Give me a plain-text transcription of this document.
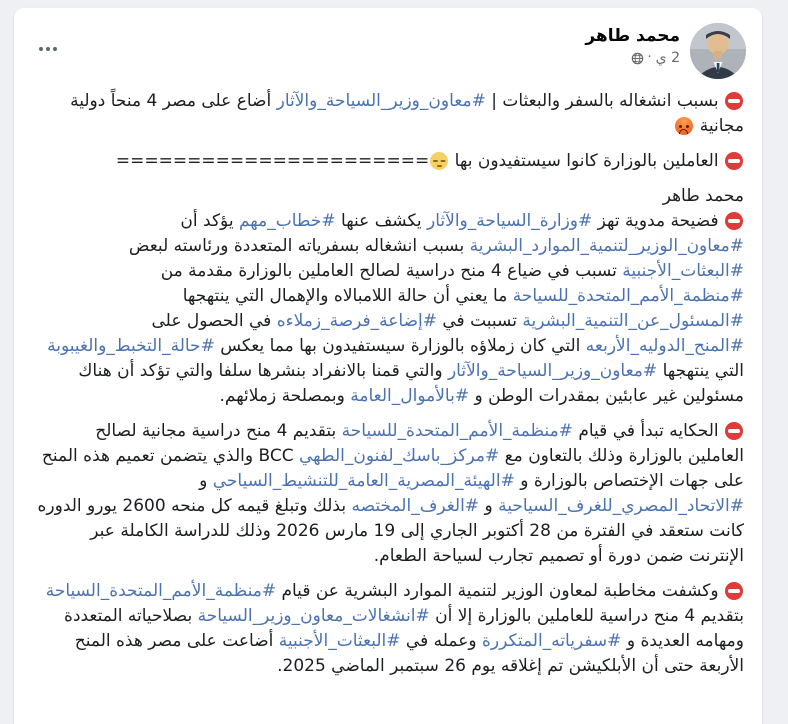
محمد طاهر
2 ي
·
بسبب انشغاله بالسفر والبعثات | #معاون_وزير_السياحة_والآثار أضاع على مصر 4 منحاً دولية مجانية
العاملين بالوزارة كانوا سيستفيدون بها ======================
محمد طاهر
فضيحة مدوية تهز #وزارة_السياحة_والآثار يكشف عنها #خطاب_مهم يؤكد أن #معاون_الوزير_لتنمية_الموارد_البشرية بسبب انشغاله بسفرياته المتعددة ورئاسته لبعض #البعثات_الأجنبية تسبب في ضياع 4 منح دراسية لصالح العاملين بالوزارة مقدمة من #منظمة_الأمم_المتحدة_للسياحة ما يعني أن حالة اللامبالاه والإهمال التي ينتهجها #المسئول_عن_التنمية_البشرية تسببت في #إضاعة_فرصة_زملاءه في الحصول على #المنح_الدوليه_الأربعه التي كان زملاؤه بالوزارة سيستفيدون بها مما يعكس #حالة_التخبط_والغيبوبة التي ينتهجها #معاون_وزير_السياحة_والآثار والتي قمنا بالانفراد بنشرها سلفا والتي تؤكد أن هناك مسئولين غير عابئين بمقدرات الوطن و #بالأموال_العامة وبمصلحة زملائهم.
الحكايه تبدأ في قيام #منظمة_الأمم_المتحدة_للسياحة بتقديم 4 منح دراسية مجانية لصالح العاملين بالوزارة وذلك بالتعاون مع #مركز_باسك_لفنون_الطهي BCC والذي يتضمن تعميم هذه المنح على جهات الإختصاص بالوزارة و #الهيئة_المصرية_العامة_للتنشيط_السياحي و #الاتحاد_المصري_للغرف_السياحية و #الغرف_المختصه بذلك وتبلغ قيمه كل منحه 2600 يورو الدوره كانت ستعقد في الفترة من 28 أكتوبر الجاري إلى 19 مارس 2026 وذلك للدراسة الكاملة عبر الإنترنت ضمن دورة أو تصميم تجارب لسياحة الطعام.
وكشفت مخاطبة لمعاون الوزير لتنمية الموارد البشرية عن قيام #منظمة_الأمم_المتحدة_السياحة بتقديم 4 منح دراسية للعاملين بالوزارة إلا أن #انشغالات_معاون_وزير_السياحة بصلاحياته المتعددة ومهامه العديدة و #سفرياته_المتكررة وعمله في #البعثات_الأجنبية أضاعت على مصر هذه المنح الأربعة حتى أن الأبلكيشن تم إغلاقه يوم 26 سبتمبر الماضي 2025.
